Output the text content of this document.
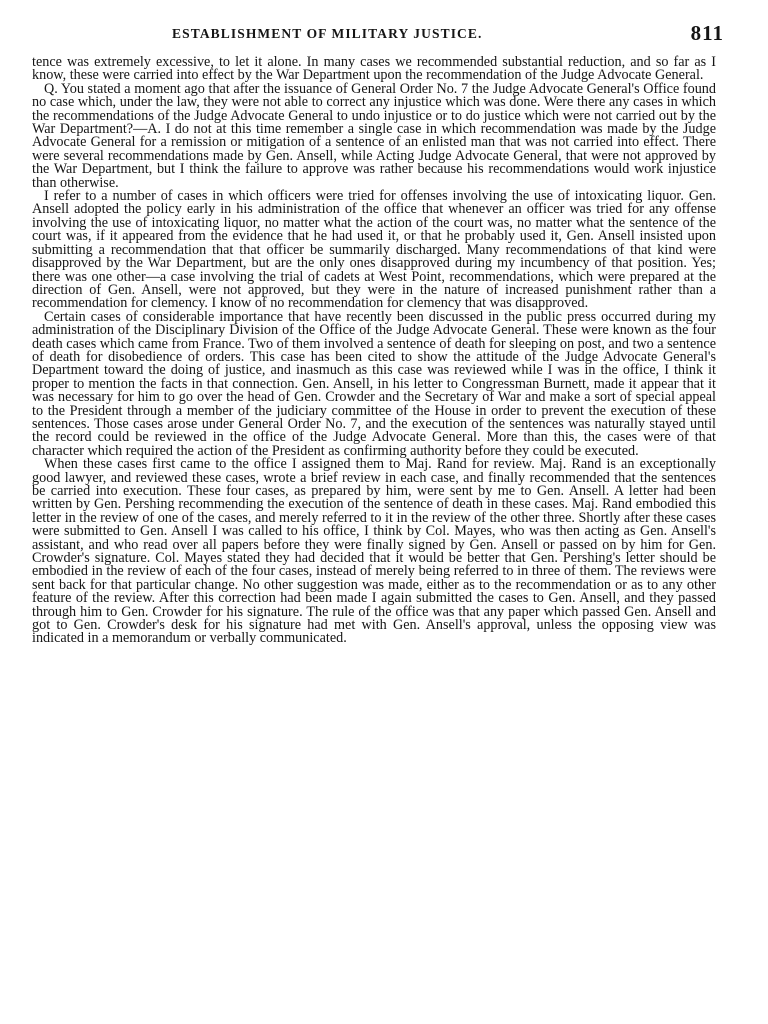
ESTABLISHMENT OF MILITARY JUSTICE.	811

tence was extremely excessive, to let it alone. In many cases we recommended substantial reduction, and so far as I know, these were carried into effect by the War Department upon the recommendation of the Judge Advocate General.

Q. You stated a moment ago that after the issuance of General Order No. 7 the Judge Advocate General's Office found no case which, under the law, they were not able to correct any injustice which was done. Were there any cases in which the recommendations of the Judge Advocate General to undo injustice or to do justice which were not carried out by the War Department?—A. I do not at this time remember a single case in which recommendation was made by the Judge Advocate General for a remission or mitigation of a sentence of an enlisted man that was not carried into effect. There were several recommendations made by Gen. Ansell, while Acting Judge Advocate General, that were not approved by the War Department, but I think the failure to approve was rather because his recommendations would work injustice than otherwise.

I refer to a number of cases in which officers were tried for offenses involving the use of intoxicating liquor. Gen. Ansell adopted the policy early in his administration of the office that whenever an officer was tried for any offense involving the use of intoxicating liquor, no matter what the action of the court was, no matter what the sentence of the court was, if it appeared from the evidence that he had used it, or that he probably used it, Gen. Ansell insisted upon submitting a recommendation that that officer be summarily discharged. Many recommendations of that kind were disapproved by the War Department, but are the only ones disapproved during my incumbency of that position. Yes; there was one other—a case involving the trial of cadets at West Point, recommendations, which were prepared at the direction of Gen. Ansell, were not approved, but they were in the nature of increased punishment rather than a recommendation for clemency. I know of no recommendation for clemency that was disapproved.

Certain cases of considerable importance that have recently been discussed in the public press occurred during my administration of the Disciplinary Division of the Office of the Judge Advocate General. These were known as the four death cases which came from France. Two of them involved a sentence of death for sleeping on post, and two a sentence of death for disobedience of orders. This case has been cited to show the attitude of the Judge Advocate General's Department toward the doing of justice, and inasmuch as this case was reviewed while I was in the office, I think it proper to mention the facts in that connection. Gen. Ansell, in his letter to Congressman Burnett, made it appear that it was necessary for him to go over the head of Gen. Crowder and the Secretary of War and make a sort of special appeal to the President through a member of the judiciary committee of the House in order to prevent the execution of these sentences. Those cases arose under General Order No. 7, and the execution of the sentences was naturally stayed until the record could be reviewed in the office of the Judge Advocate General. More than this, the cases were of that character which required the action of the President as confirming authority before they could be executed.

When these cases first came to the office I assigned them to Maj. Rand for review. Maj. Rand is an exceptionally good lawyer, and reviewed these cases, wrote a brief review in each case, and finally recommended that the sentences be carried into execution. These four cases, as prepared by him, were sent by me to Gen. Ansell. A letter had been written by Gen. Pershing recommending the execution of the sentence of death in these cases. Maj. Rand embodied this letter in the review of one of the cases, and merely referred to it in the review of the other three. Shortly after these cases were submitted to Gen. Ansell I was called to his office, I think by Col. Mayes, who was then acting as Gen. Ansell's assistant, and who read over all papers before they were finally signed by Gen. Ansell or passed on by him for Gen. Crowder's signature. Col. Mayes stated they had decided that it would be better that Gen. Pershing's letter should be embodied in the review of each of the four cases, instead of merely being referred to in three of them. The reviews were sent back for that particular change. No other suggestion was made, either as to the recommendation or as to any other feature of the review. After this correction had been made I again submitted the cases to Gen. Ansell, and they passed through him to Gen. Crowder for his signature. The rule of the office was that any paper which passed Gen. Ansell and got to Gen. Crowder's desk for his signature had met with Gen. Ansell's approval, unless the opposing view was indicated in a memorandum or verbally communicated.
